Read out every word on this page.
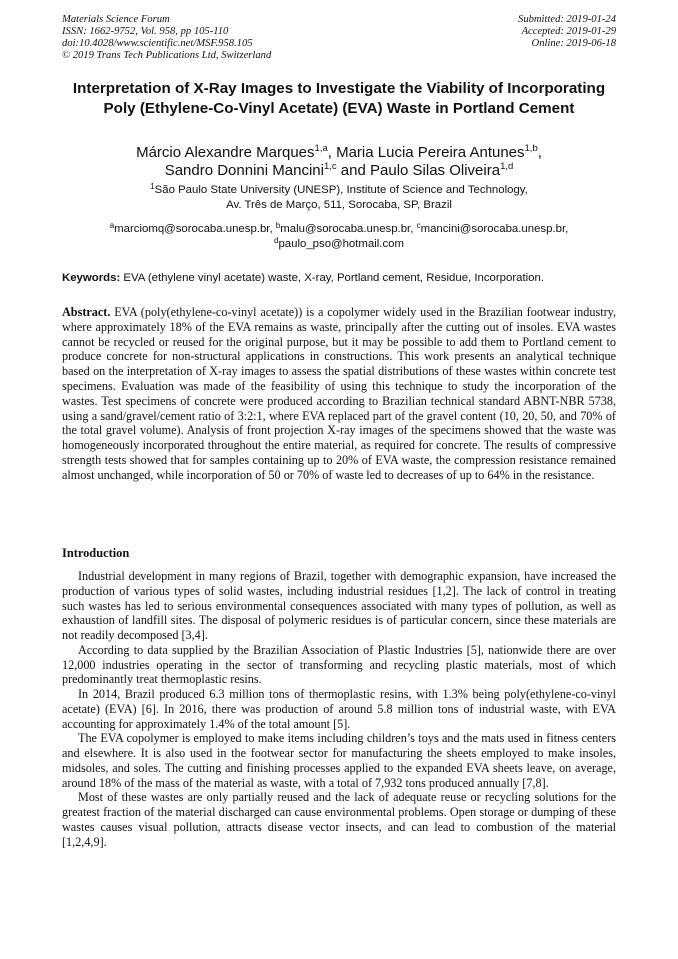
Materials Science Forum
ISSN: 1662-9752, Vol. 958, pp 105-110
doi:10.4028/www.scientific.net/MSF.958.105
© 2019 Trans Tech Publications Ltd, Switzerland
Submitted: 2019-01-24
Accepted: 2019-01-29
Online: 2019-06-18
Interpretation of X-Ray Images to Investigate the Viability of Incorporating Poly (Ethylene-Co-Vinyl Acetate) (EVA) Waste in Portland Cement
Márcio Alexandre Marques$^{1,a}$, Maria Lucia Pereira Antunes$^{1,b}$,
Sandro Donnini Mancini$^{1,c}$ and Paulo Silas Oliveira$^{1,d}$
$^1$São Paulo State University (UNESP), Institute of Science and Technology,
Av. Três de Março, 511, Sorocaba, SP, Brazil
$^a$marciomq@sorocaba.unesp.br, $^b$malu@sorocaba.unesp.br, $^c$mancini@sorocaba.unesp.br,
$^d$paulo_pso@hotmail.com
Keywords: EVA (ethylene vinyl acetate) waste, X-ray, Portland cement, Residue, Incorporation.
Abstract. EVA (poly(ethylene-co-vinyl acetate)) is a copolymer widely used in the Brazilian footwear industry, where approximately 18% of the EVA remains as waste, principally after the cutting out of insoles. EVA wastes cannot be recycled or reused for the original purpose, but it may be possible to add them to Portland cement to produce concrete for non-structural applications in constructions. This work presents an analytical technique based on the interpretation of X-ray images to assess the spatial distributions of these wastes within concrete test specimens. Evaluation was made of the feasibility of using this technique to study the incorporation of the wastes. Test specimens of concrete were produced according to Brazilian technical standard ABNT-NBR 5738, using a sand/gravel/cement ratio of 3:2:1, where EVA replaced part of the gravel content (10, 20, 50, and 70% of the total gravel volume). Analysis of front projection X-ray images of the specimens showed that the waste was homogeneously incorporated throughout the entire material, as required for concrete. The results of compressive strength tests showed that for samples containing up to 20% of EVA waste, the compression resistance remained almost unchanged, while incorporation of 50 or 70% of waste led to decreases of up to 64% in the resistance.
Introduction

Industrial development in many regions of Brazil, together with demographic expansion, have increased the production of various types of solid wastes, including industrial residues [1,2]. The lack of control in treating such wastes has led to serious environmental consequences associated with many types of pollution, as well as exhaustion of landfill sites. The disposal of polymeric residues is of particular concern, since these materials are not readily decomposed [3,4].

According to data supplied by the Brazilian Association of Plastic Industries [5], nationwide there are over 12,000 industries operating in the sector of transforming and recycling plastic materials, most of which predominantly treat thermoplastic resins.

In 2014, Brazil produced 6.3 million tons of thermoplastic resins, with 1.3% being poly(ethylene-co-vinyl acetate) (EVA) [6]. In 2016, there was production of around 5.8 million tons of industrial waste, with EVA accounting for approximately 1.4% of the total amount [5].

The EVA copolymer is employed to make items including children’s toys and the mats used in fitness centers and elsewhere. It is also used in the footwear sector for manufacturing the sheets employed to make insoles, midsoles, and soles. The cutting and finishing processes applied to the expanded EVA sheets leave, on average, around 18% of the mass of the material as waste, with a total of 7,932 tons produced annually [7,8].

Most of these wastes are only partially reused and the lack of adequate reuse or recycling solutions for the greatest fraction of the material discharged can cause environmental problems. Open storage or dumping of these wastes causes visual pollution, attracts disease vector insects, and can lead to combustion of the material [1,2,4,9].
